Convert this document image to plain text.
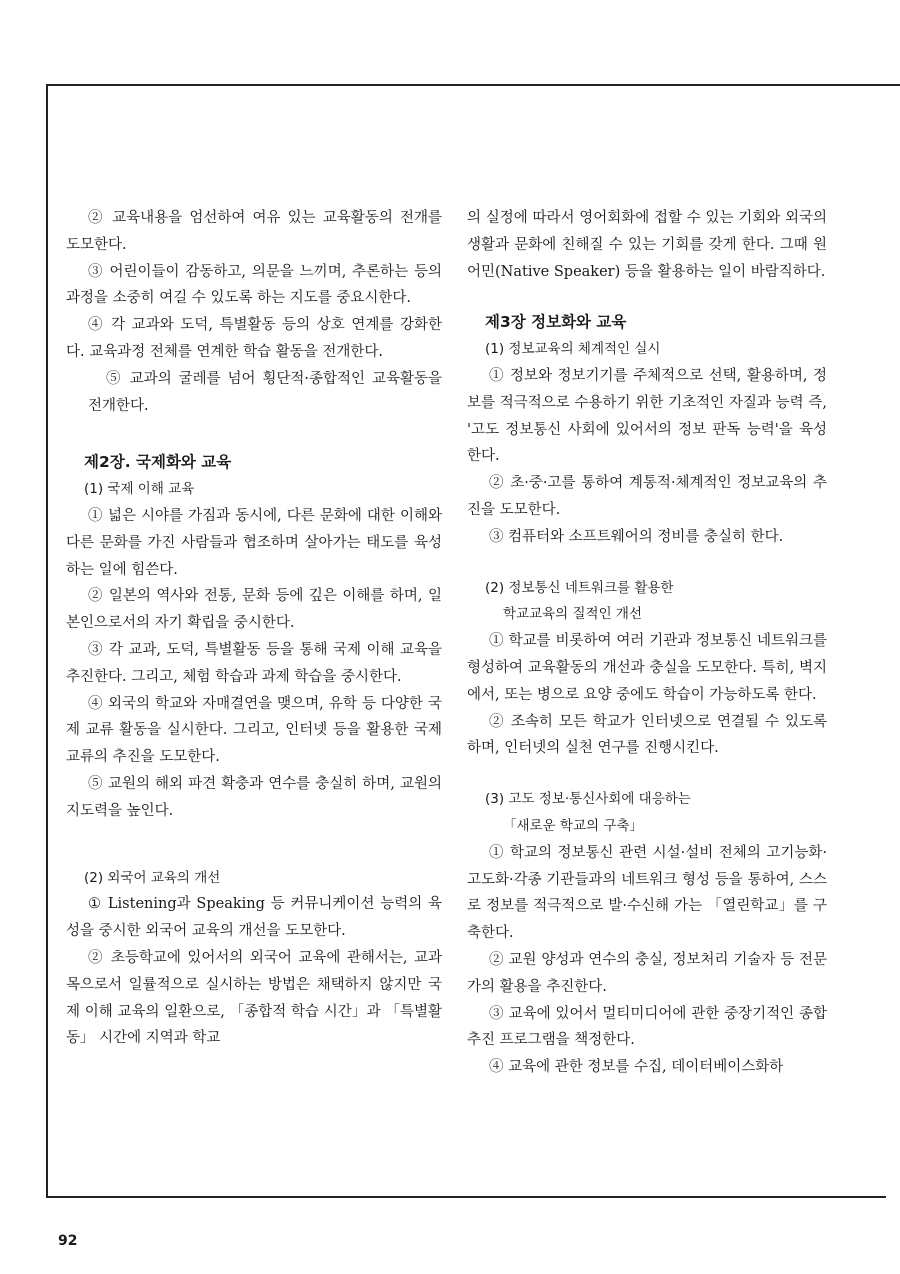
② 교육내용을 엄선하여 여유 있는 교육활동의 전개를 도모한다.

③ 어린이들이 감동하고, 의문을 느끼며, 추론하는 등의 과정을 소중히 여길 수 있도록 하는 지도를 중요시한다.

④ 각 교과와 도덕, 특별활동 등의 상호 연계를 강화한다. 교육과정 전체를 연계한 학습 활동을 전개한다.

⑤ 교과의 굴레를 넘어 횡단적·종합적인 교육활동을 전개한다.

제2장. 국제화와 교육

(1) 국제 이해 교육

① 넓은 시야를 가짐과 동시에, 다른 문화에 대한 이해와 다른 문화를 가진 사람들과 협조하며 살아가는 태도를 육성하는 일에 힘쓴다.

② 일본의 역사와 전통, 문화 등에 깊은 이해를 하며, 일본인으로서의 자기 확립을 중시한다.

③ 각 교과, 도덕, 특별활동 등을 통해 국제 이해 교육을 추진한다. 그리고, 체험 학습과 과제 학습을 중시한다.

④ 외국의 학교와 자매결연을 맺으며, 유학 등 다양한 국제 교류 활동을 실시한다. 그리고, 인터넷 등을 활용한 국제 교류의 추진을 도모한다.

⑤ 교원의 해외 파견 확충과 연수를 충실히 하며, 교원의 지도력을 높인다.

(2) 외국어 교육의 개선

① Listening과 Speaking 등 커뮤니케이션 능력의 육성을 중시한 외국어 교육의 개선을 도모한다.

② 초등학교에 있어서의 외국어 교육에 관해서는, 교과목으로서 일률적으로 실시하는 방법은 채택하지 않지만 국제 이해 교육의 일환으로, 「종합적 학습 시간」과 「특별활동」 시간에 지역과 학교

의 실정에 따라서 영어회화에 접할 수 있는 기회와 외국의 생활과 문화에 친해질 수 있는 기회를 갖게 한다. 그때 원어민(Native Speaker) 등을 활용하는 일이 바람직하다.

제3장 정보화와 교육

(1) 정보교육의 체계적인 실시

① 정보와 정보기기를 주체적으로 선택, 활용하며, 정보를 적극적으로 수용하기 위한 기초적인 자질과 능력 즉, '고도 정보통신 사회에 있어서의 정보 판독 능력'을 육성한다.

② 초·중·고를 통하여 계통적·체계적인 정보교육의 추진을 도모한다.

③ 컴퓨터와 소프트웨어의 정비를 충실히 한다.

(2) 정보통신 네트워크를 활용한

학교교육의 질적인 개선

① 학교를 비롯하여 여러 기관과 정보통신 네트워크를 형성하여 교육활동의 개선과 충실을 도모한다. 특히, 벽지에서, 또는 병으로 요양 중에도 학습이 가능하도록 한다.

② 조속히 모든 학교가 인터넷으로 연결될 수 있도록 하며, 인터넷의 실천 연구를 진행시킨다.

(3) 고도 정보·통신사회에 대응하는

「새로운 학교의 구축」

① 학교의 정보통신 관련 시설·설비 전체의 고기능화·고도화·각종 기관들과의 네트워크 형성 등을 통하여, 스스로 정보를 적극적으로 발·수신해 가는 「열린학교」를 구축한다.

② 교원 양성과 연수의 충실, 정보처리 기술자 등 전문가의 활용을 추진한다.

③ 교육에 있어서 멀티미디어에 관한 중장기적인 종합 추진 프로그램을 책정한다.

④ 교육에 관한 정보를 수집, 데이터베이스화하

92
